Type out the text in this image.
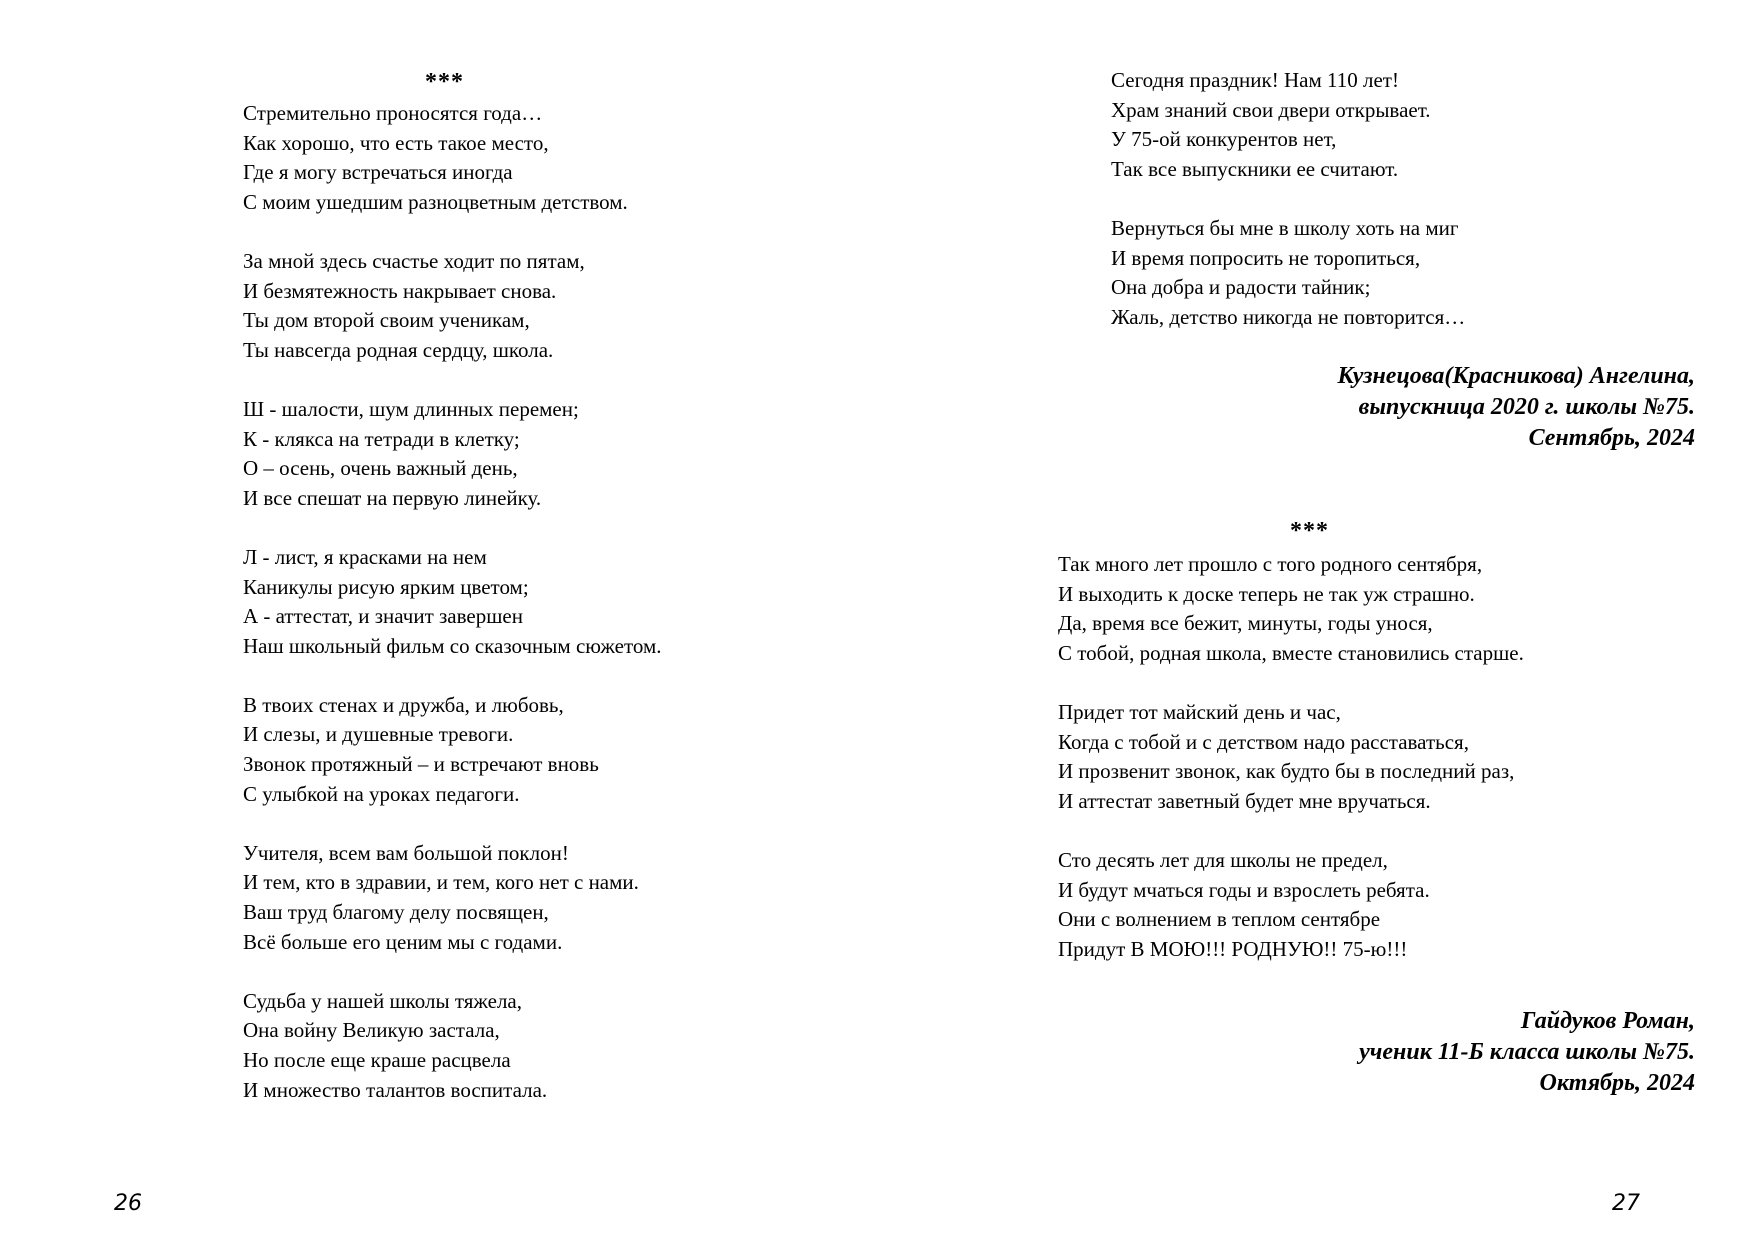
***
Стремительно проносятся года…
Как хорошо, что есть такое место,
Где я могу встречаться иногда
С моим ушедшим разноцветным детством.
За мной здесь счастье ходит по пятам,
И безмятежность накрывает снова.
Ты дом второй своим ученикам,
Ты навсегда родная сердцу, школа.
Ш - шалости, шум длинных перемен;
К - клякса на тетради в клетку;
О – осень, очень важный день,
И все спешат на первую линейку.
Л - лист, я красками на нем
Каникулы рисую ярким цветом;
А - аттестат, и значит завершен
Наш школьный фильм со сказочным сюжетом.
В твоих стенах и дружба, и любовь,
И слезы, и душевные тревоги.
Звонок протяжный – и встречают вновь
С улыбкой на уроках педагоги.
Учителя, всем вам большой поклон!
И тем, кто в здравии, и тем, кого нет с нами.
Ваш труд благому делу посвящен,
Всё больше его ценим мы с годами.
Судьба у нашей школы тяжела,
Она войну Великую застала,
Но после еще краше расцвела
И множество талантов воспитала.
26
Сегодня праздник! Нам 110 лет!
Храм знаний свои двери открывает.
У 75-ой конкурентов нет,
Так все выпускники ее считают.
Вернуться бы мне в школу хоть на миг
И время попросить не торопиться,
Она добра и радости тайник;
Жаль, детство никогда не повторится…
Кузнецова(Красникова) Ангелина,
выпускница 2020 г. школы №75.
Сентябрь, 2024
***
Так много лет прошло с того родного сентября,
И выходить к доске теперь не так уж страшно.
Да, время все бежит, минуты, годы унося,
С тобой, родная школа, вместе становились старше.
Придет тот майский день и час,
Когда с тобой и с детством надо расставаться,
И прозвенит звонок, как будто бы в последний раз,
И аттестат заветный будет мне вручаться.
Сто десять лет для школы не предел,
И будут мчаться годы и взрослеть ребята.
Они с волнением в теплом сентябре
Придут В МОЮ!!! РОДНУЮ!! 75-ю!!!
Гайдуков Роман,
ученик 11-Б класса школы №75.
Октябрь, 2024
27
